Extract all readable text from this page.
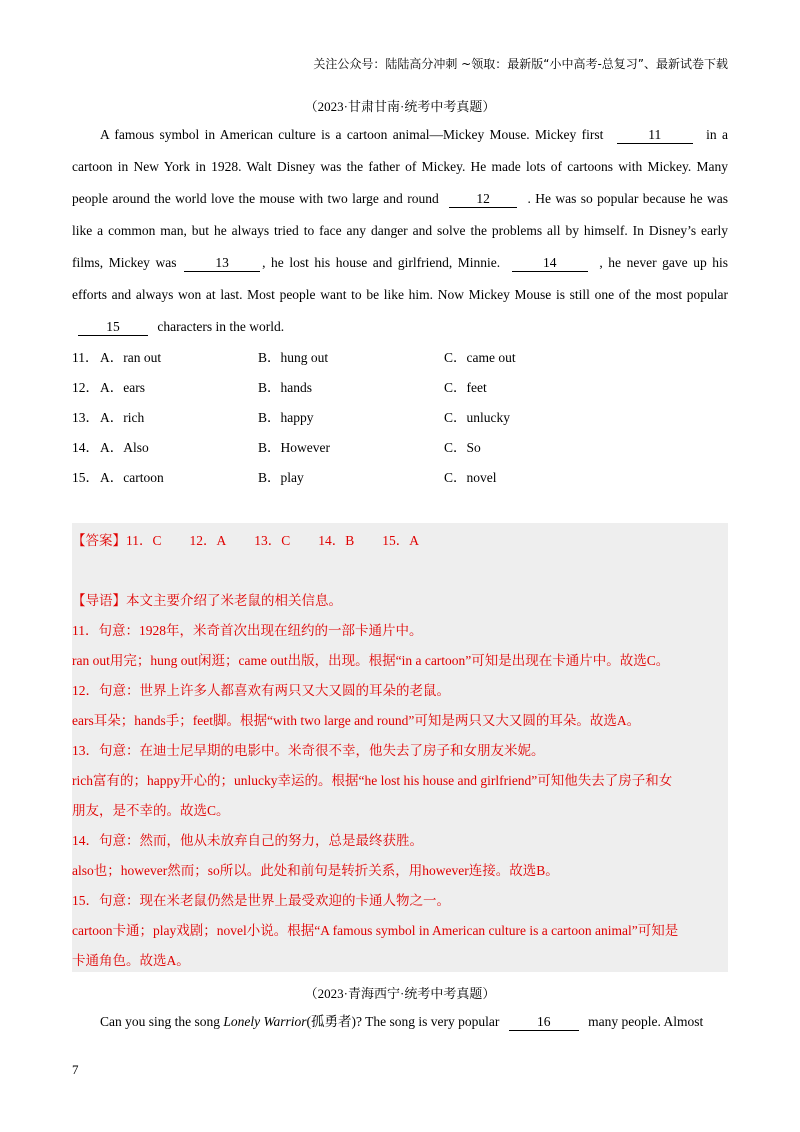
关注公众号：陆陆高分冲刺 ~领取：最新版“小中高考-总复习”、最新试卷下载
（2023·甘肃甘南·统考中考真题）

A famous symbol in American culture is a cartoon animal—Mickey Mouse. Mickey first	11	in a cartoon in New York in 1928. Walt Disney was the father of Mickey. He made lots of cartoons with Mickey. Many people around the world love the mouse with two large and round	12	. He was so popular because he was like a common man, but he always tried to face any danger and solve the problems all by himself. In Disney’s early films, Mickey was	13 , he lost his house and girlfriend, Minnie.	14	, he never gave up his efforts and always won at last. Most people want to be like him. Now Mickey Mouse is still one of the most popular 15	characters in the world.

11． A．ran out	B．hung out	C．came out
12． A．ears	B．hands	C．feet
13． A．rich	B．happy	C．unlucky
14． A．Also	B．However	C．So
15． A．cartoon	B．play	C．novel
【答案】11．C 12．A 13．C 14．B 15．A
【导语】本文主要介绍了米老鼠的相关信息。
11．句意：1928年，米奇首次出现在纽约的一部卡通片中。
ran out用完；hung out闲逛；came out出版，出现。根据“in a cartoon”可知是出现在卡通片中。故选C。
12．句意：世界上许多人都喜欢有两只又大又圆的耳朵的老鼠。
ears耳朵；hands手；feet脚。根据“with two large and round”可知是两只又大又圆的耳朵。故选A。
13．句意：在迪士尼早期的电影中。米奇很不幸，他失去了房子和女朋友米妮。
rich富有的；happy开心的；unlucky幸运的。根据“he lost his house and girlfriend”可知他失去了房子和女
朋友，是不幸的。故选C。
14．句意：然而，他从未放弃自己的努力，总是最终获胜。
also也；however然而；so所以。此处和前句是转折关系，用however连接。故选B。
15．句意：现在米老鼠仍然是世界上最受欢迎的卡通人物之一。
cartoon卡通；play戏剧；novel小说。根据“A famous symbol in American culture is a cartoon animal”可知是
卡通角色。故选A。
（2023·青海西宁·统考中考真题）

Can you sing the song Lonely Warrior(孤勇者)? The song is very popular	16	many people. Almost

7
